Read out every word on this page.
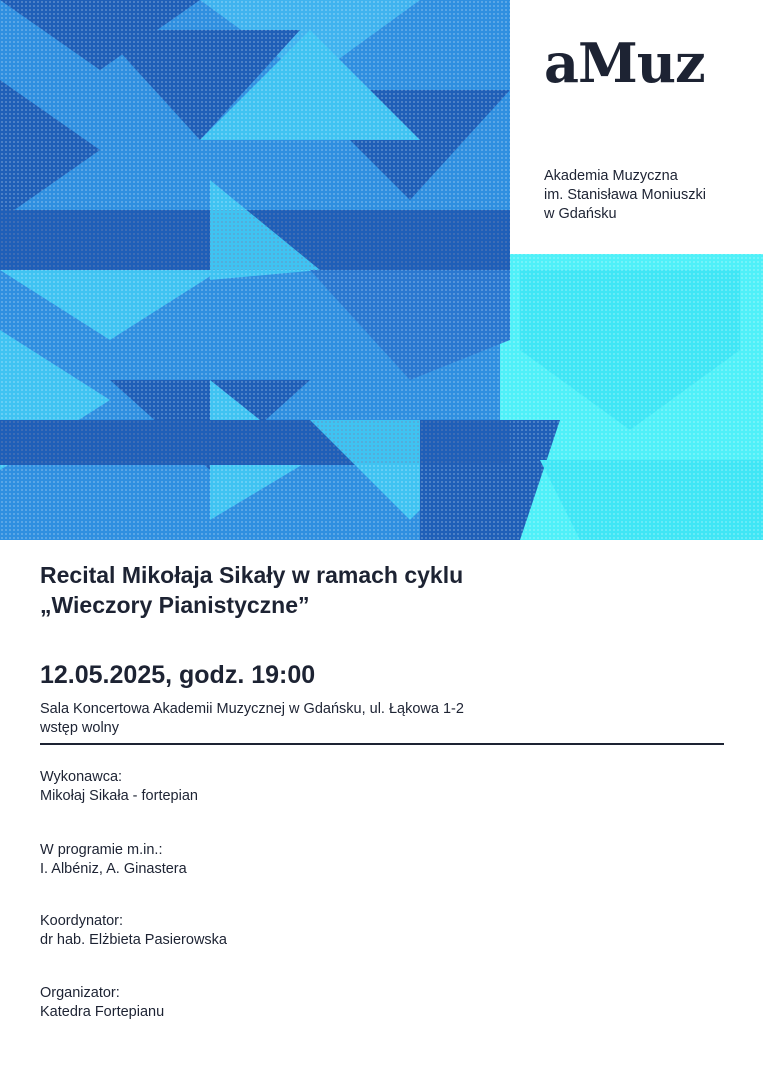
aMuz
Akademia Muzyczna
im. Stanisława Moniuszki
w Gdańsku
Recital Mikołaja Sikały w ramach cyklu
„Wieczory Pianistyczne”
12.05.2025, godz. 19:00
Sala Koncertowa Akademii Muzycznej w Gdańsku, ul. Łąkowa 1-2
wstęp wolny
Wykonawca:
Mikołaj Sikała - fortepian
W programie m.in.:
I. Albéniz, A. Ginastera
Koordynator:
dr hab. Elżbieta Pasierowska
Organizator:
Katedra Fortepianu
